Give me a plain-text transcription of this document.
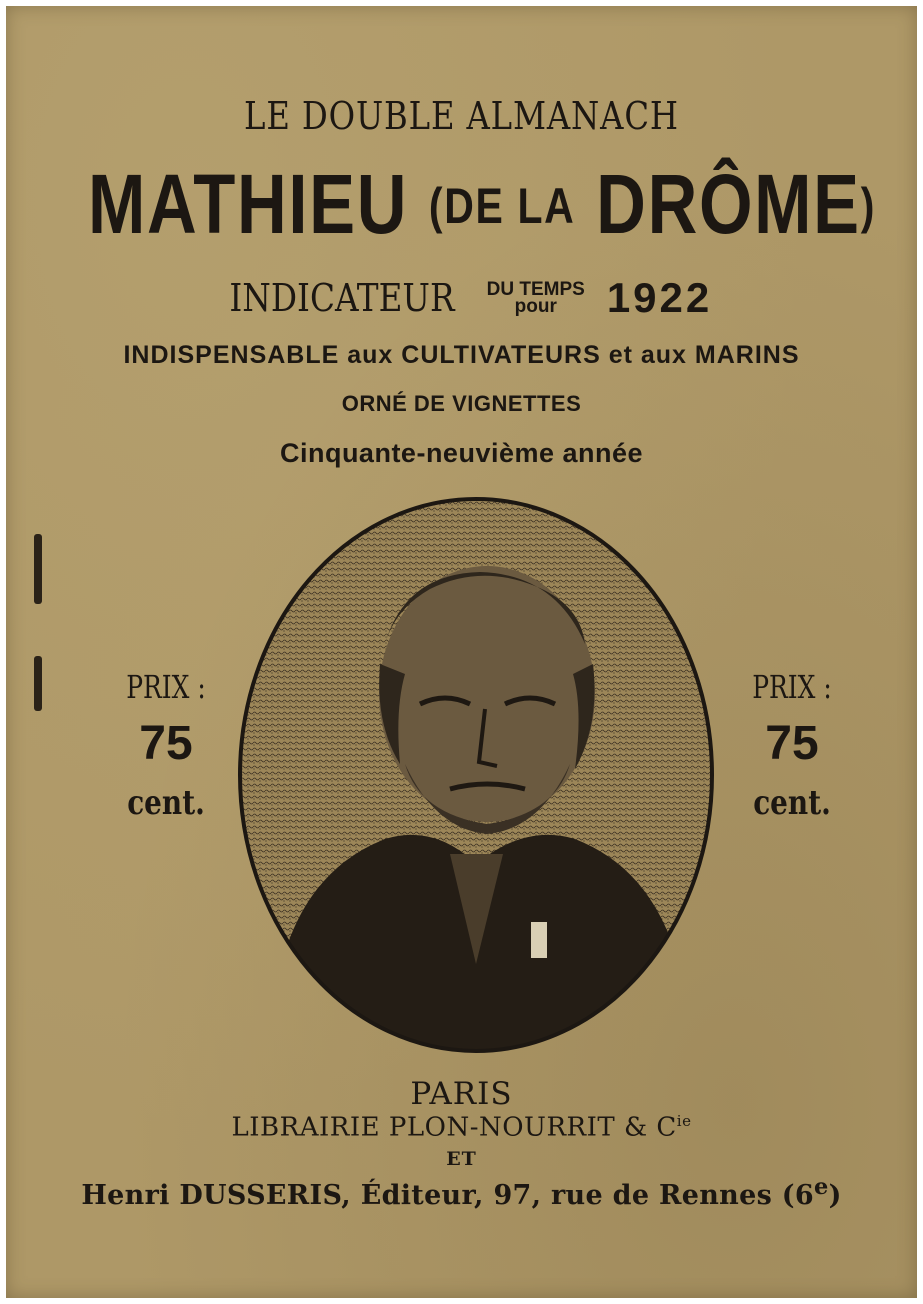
LE DOUBLE ALMANACH

MATHIEU (DE LA DRÔME)

INDICATEUR DU TEMPS
pour 1922

INDISPENSABLE aux CULTIVATEURS et aux MARINS

ORNÉ DE VIGNETTES

Cinquante-neuvième année

PRIX :
75
cent.
PRIX :
75
cent.

PARIS

LIBRAIRIE PLON-NOURRIT & $C^{ie}$

ET

Henri DUSSERIS, Éditeur, 97, rue de Rennes (6e)
